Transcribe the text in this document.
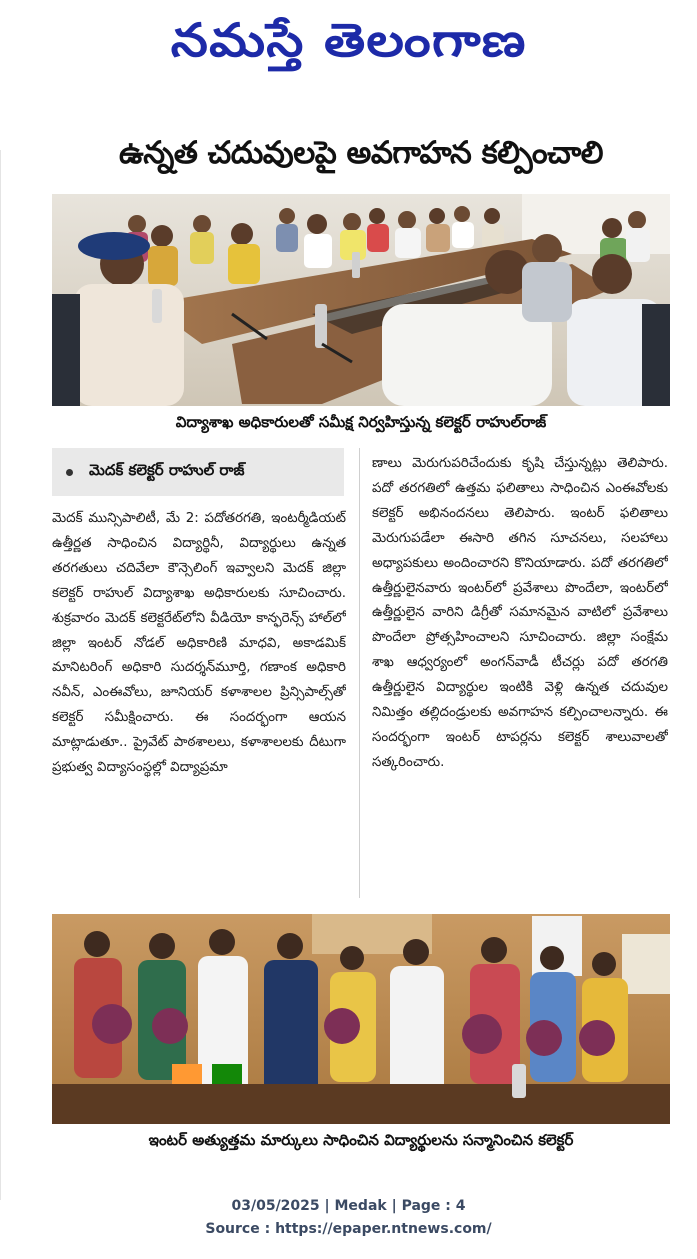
నమస్తే తెలంగాణ
ఉన్నత చదువులపై అవగాహన కల్పించాలి
విద్యాశాఖ అధికారులతో సమీక్ష నిర్వహిస్తున్న కలెక్టర్ రాహుల్‌రాజ్
మెదక్ కలెక్టర్ రాహుల్‌ రాజ్

మెదక్ మున్సిపాలిటీ, మే 2: పదోతరగతి, ఇంటర్మీడియట్ ఉత్తీర్ణత సాధించిన విద్యార్థినీ, విద్యార్థులు ఉన్నత తరగతులు చదివేలా కౌన్సెలింగ్ ఇవ్వాలని మెదక్ జిల్లా కలెక్టర్ రాహుల్ విద్యాశాఖ అధికారులకు సూచించారు. శుక్రవారం మెదక్ కలెక్టరేట్‌లోని వీడియో కాన్ఫరెన్స్ హాల్‌లో జిల్లా ఇంటర్ నోడల్ అధికారిణి మాధవి, అకాడమిక్ మానిటరింగ్ అధికారి సుదర్శన్‌మూర్తి, గణాంక అధికారి నవీన్, ఎంఈవోలు, జూనియర్ కళాశాలల ప్రిన్సిపాల్స్‌తో కలెక్టర్ సమీక్షించారు. ఈ సందర్భంగా ఆయన మాట్లాడుతూ.. ప్రైవేట్ పాఠశాలలు, కళాశాలలకు దీటుగా ప్రభుత్వ విద్యాసంస్థల్లో విద్యాప్రమా

ణాలు మెరుగుపరిచేందుకు కృషి చేస్తున్నట్లు తెలిపారు. పదో తరగతిలో ఉత్తమ ఫలితాలు సాధించిన ఎంఈవోలకు కలెక్టర్ అభినందనలు తెలిపారు. ఇంటర్ ఫలితాలు మెరుగుపడేలా ఈసారి తగిన సూచనలు, సలహాలు అధ్యాపకులు అందించారని కొనియాడారు. పదో తరగతిలో ఉత్తీర్ణులైనవారు ఇంటర్‌లో ప్రవేశాలు పొందేలా, ఇంటర్‌లో ఉత్తీర్ణులైన వారిని డిగ్రీతో సమానమైన వాటిలో ప్రవేశాలు పొందేలా ప్రోత్సహించాలని సూచించారు. జిల్లా సంక్షేమ శాఖ ఆధ్వర్యంలో అంగన్‌వాడీ టీచర్లు పదో తరగతి ఉత్తీర్ణులైన విద్యార్థుల ఇంటికి వెళ్లి ఉన్నత చదువుల నిమిత్తం తల్లిదండ్రులకు అవగాహన కల్పించాలన్నారు. ఈ సందర్భంగా ఇంటర్ టాపర్లను కలెక్టర్ శాలువాలతో సత్కరించారు.

ఇంటర్ అత్యుత్తమ మార్కులు సాధించిన విద్యార్థులను సన్మానించిన కలెక్టర్
03/05/2025 | Medak | Page : 4
Source : https://epaper.ntnews.com/
